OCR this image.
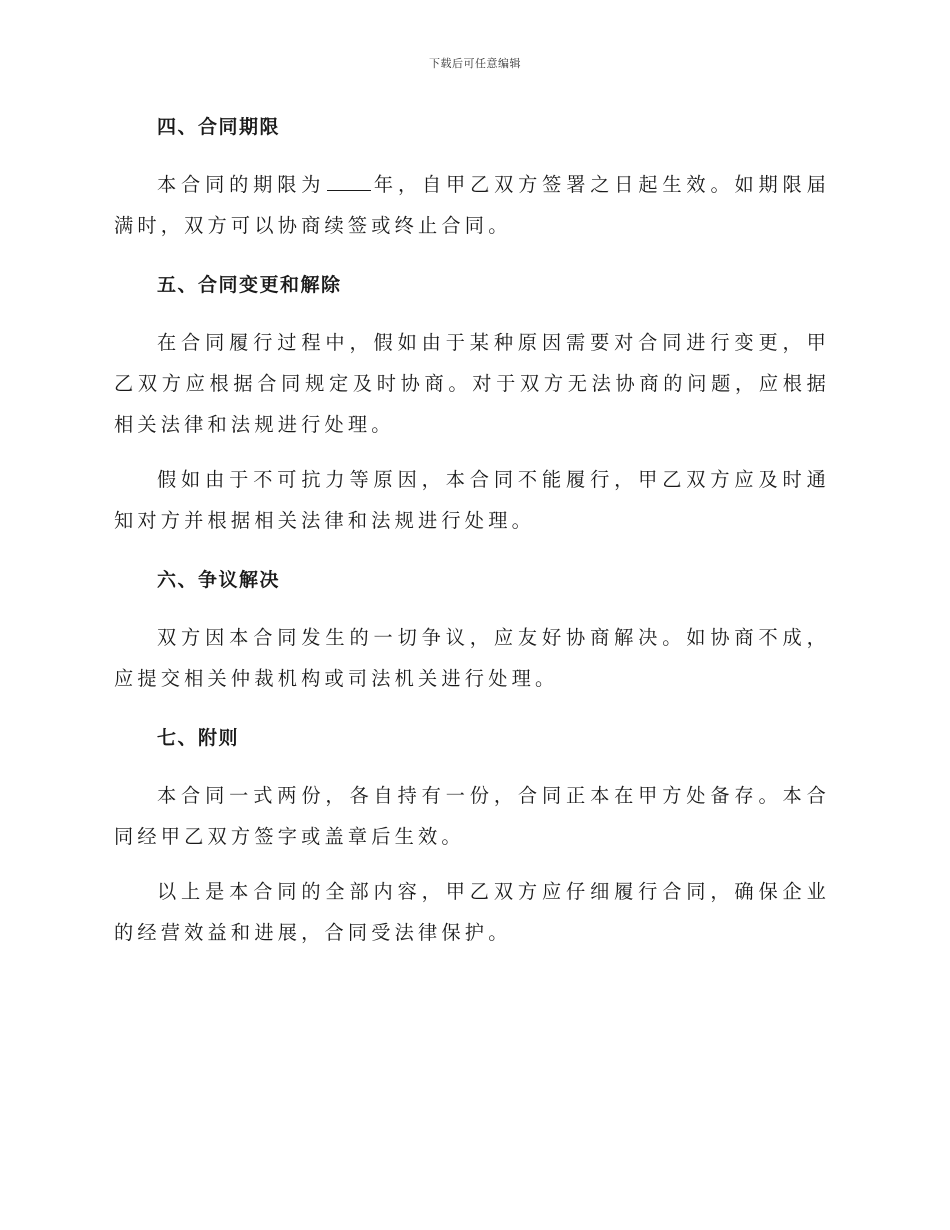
下载后可任意编辑
四、合同期限

本合同的期限为	年，自甲乙双方签署之日起生效。如期限届满时，双方可以协商续签或终止合同。

五、合同变更和解除

在合同履行过程中，假如由于某种原因需要对合同进行变更，甲乙双方应根据合同规定及时协商。对于双方无法协商的问题，应根据相关法律和法规进行处理。

假如由于不可抗力等原因，本合同不能履行，甲乙双方应及时通知对方并根据相关法律和法规进行处理。

六、争议解决

双方因本合同发生的一切争议，应友好协商解决。如协商不成，应提交相关仲裁机构或司法机关进行处理。

七、附则

本合同一式两份，各自持有一份，合同正本在甲方处备存。本合同经甲乙双方签字或盖章后生效。

以上是本合同的全部内容，甲乙双方应仔细履行合同，确保企业的经营效益和进展，合同受法律保护。
